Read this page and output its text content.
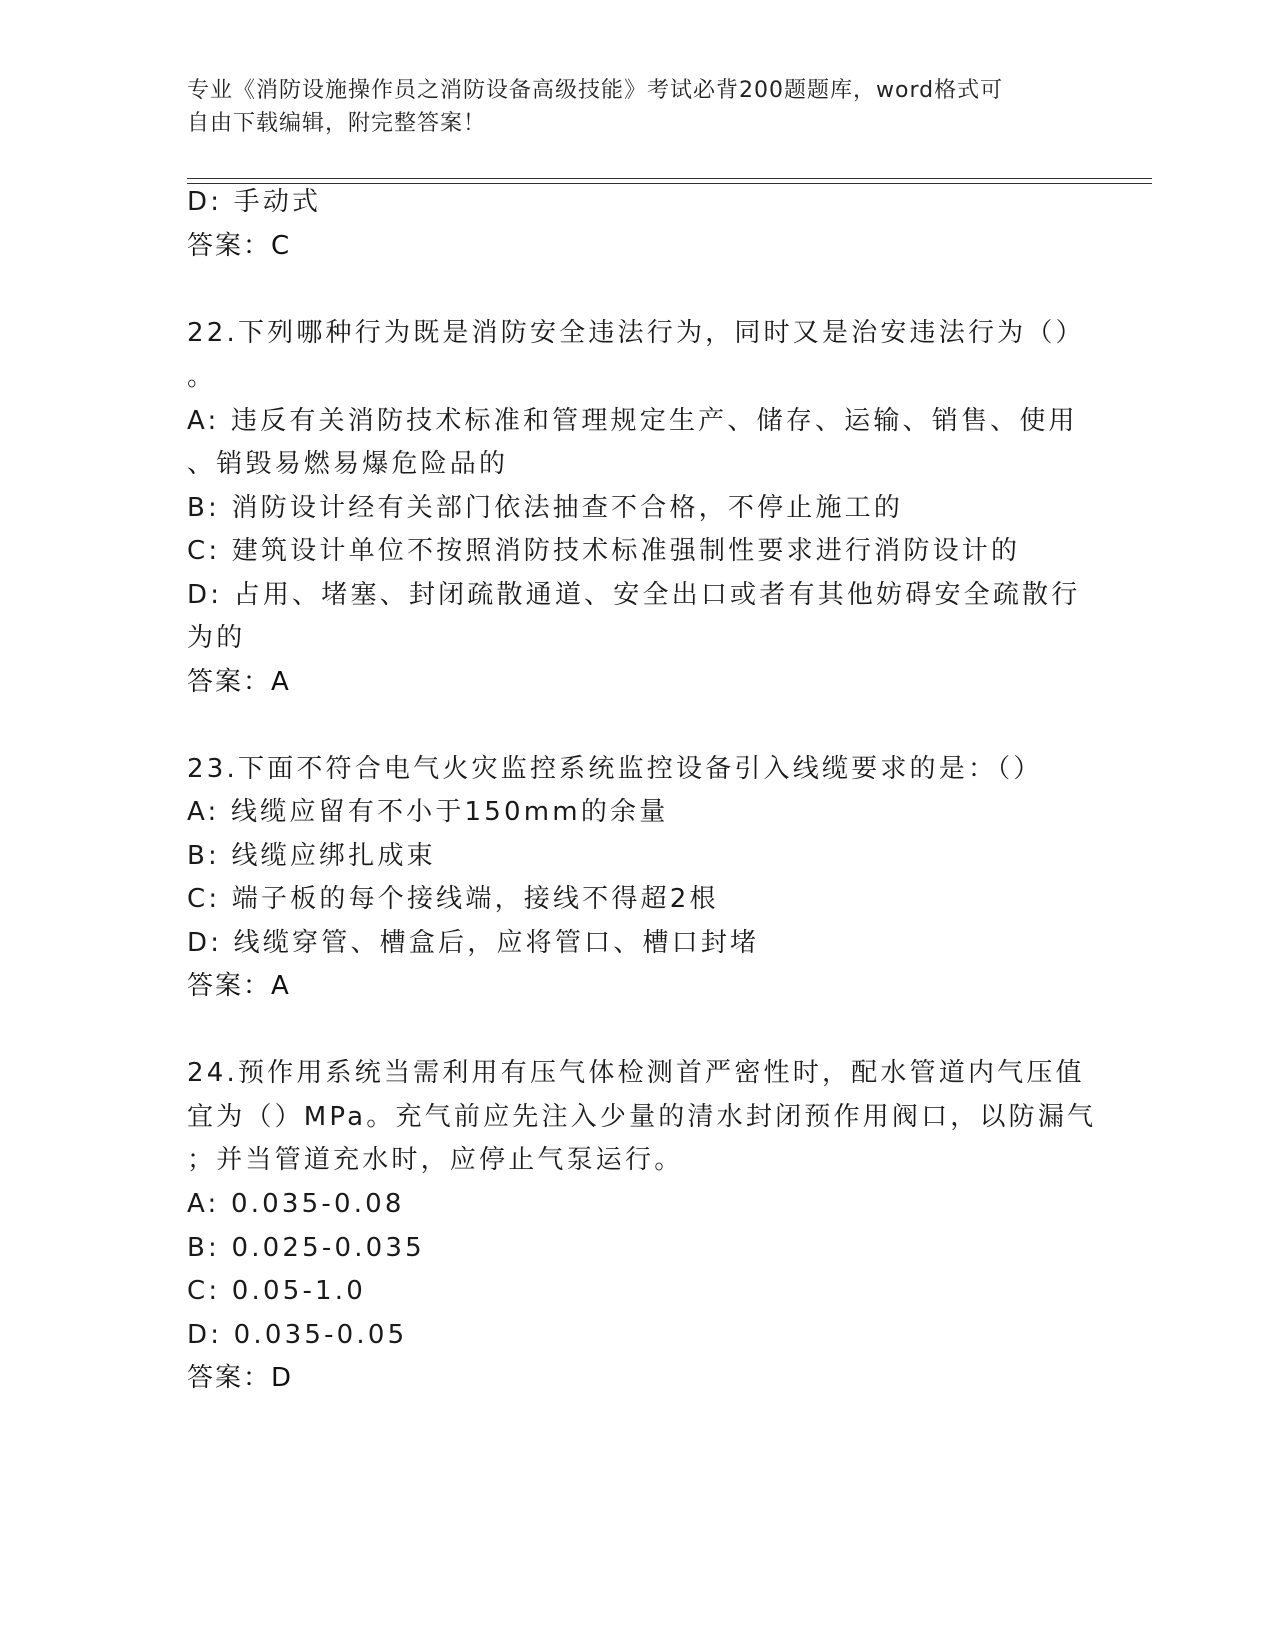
专业《消防设施操作员之消防设备高级技能》考试必背200题题库，word格式可
自由下载编辑，附完整答案！
D: 手动式
答案：C
22.下列哪种行为既是消防安全违法行为，同时又是治安违法行为（）
。
A: 违反有关消防技术标准和管理规定生产、储存、运输、销售、使用
、销毁易燃易爆危险品的
B: 消防设计经有关部门依法抽查不合格，不停止施工的
C: 建筑设计单位不按照消防技术标准强制性要求进行消防设计的
D: 占用、堵塞、封闭疏散通道、安全出口或者有其他妨碍安全疏散行
为的
答案：A
23.下面不符合电气火灾监控系统监控设备引入线缆要求的是：（）
A: 线缆应留有不小于150mm的余量
B: 线缆应绑扎成束
C: 端子板的每个接线端，接线不得超2根
D: 线缆穿管、槽盒后，应将管口、槽口封堵
答案：A
24.预作用系统当需利用有压气体检测首严密性时，配水管道内气压值
宜为（）MPa。充气前应先注入少量的清水封闭预作用阀口，以防漏气
；并当管道充水时，应停止气泵运行。
A: 0.035-0.08
B: 0.025-0.035
C: 0.05-1.0
D: 0.035-0.05
答案：D
